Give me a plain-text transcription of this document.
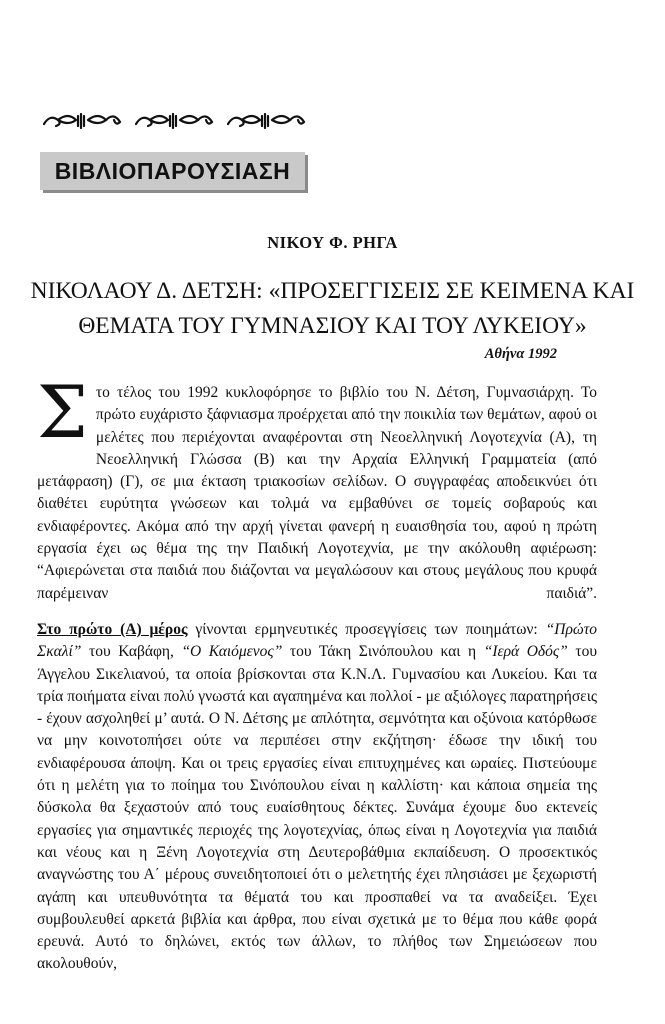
ΒΙΒΛΙΟΠΑΡΟΥΣΙΑΣΗ
ΝΙΚΟΥ Φ. ΡΗΓΑ
ΝΙΚΟΛΑΟΥ Δ. ΔΕΤΣΗ: «ΠΡΟΣΕΓΓΙΣΕΙΣ ΣΕ ΚΕΙΜΕΝΑ ΚΑΙ
ΘΕΜΑΤΑ ΤΟΥ ΓΥΜΝΑΣΙΟΥ ΚΑΙ ΤΟΥ ΛΥΚΕΙΟΥ»
Αθήνα 1992

Σ το τέλος του 1992 κυκλοφόρησε το βιβλίο του Ν. Δέτση, Γυμνασιάρχη. Το πρώτο ευχάριστο ξάφνιασμα προέρχεται από την ποικιλία των θεμάτων, αφού οι μελέτες που περιέχονται αναφέρονται στη Νεοελληνική Λογοτεχνία (Α), τη Νεοελληνική Γλώσσα (Β) και την Αρχαία Ελληνική Γραμματεία (από μετάφραση) (Γ), σε μια έκταση τριακοσίων σελίδων. Ο συγγραφέας αποδεικνύει ότι διαθέτει ευρύτητα γνώσεων και τολμά να εμβαθύνει σε τομείς σοβαρούς και ενδιαφέροντες. Ακόμα από την αρχή γίνεται φανερή η ευαισθησία του, αφού η πρώτη εργασία έχει ως θέμα της την Παιδική Λογοτεχνία, με την ακόλουθη αφιέρωση: “Αφιερώνεται στα παιδιά που διάζονται να μεγαλώσουν και στους μεγάλους που κρυφά παρέμειναν παιδιά”.

Στο πρώτο (Α) μέρος γίνονται ερμηνευτικές προσεγγίσεις των ποιημάτων: “Πρώτο Σκαλί” του Καβάφη, “Ο Καιόμενος” του Τάκη Σινόπουλου και η “Ιερά Οδός” του Άγγελου Σικελιανού, τα οποία βρίσκονται στα Κ.Ν.Λ. Γυμνασίου και Λυκείου. Και τα τρία ποιήματα είναι πολύ γνωστά και αγαπημένα και πολλοί - με αξιόλογες παρατηρήσεις - έχουν ασχοληθεί μ’ αυτά. Ο Ν. Δέτσης με απλότητα, σεμνότητα και οξύνοια κατόρθωσε να μην κοινοτοπήσει ούτε να περιπέσει στην εκζήτηση· έδωσε την ιδική του ενδιαφέρουσα άποψη. Και οι τρεις εργασίες είναι επιτυχημένες και ωραίες. Πιστεύουμε ότι η μελέτη για το ποίημα του Σινόπουλου είναι η καλλίστη· και κάποια σημεία της δύσκολα θα ξεχαστούν από τους ευαίσθητους δέκτες. Συνάμα έχουμε δυο εκτενείς εργασίες για σημαντικές περιοχές της λογοτεχνίας, όπως είναι η Λογοτεχνία για παιδιά και νέους και η Ξένη Λογοτεχνία στη Δευτεροβάθμια εκπαίδευση. Ο προσεκτικός αναγνώστης του Α΄ μέρους συνειδητοποιεί ότι ο μελετητής έχει πλησιάσει με ξεχωριστή αγάπη και υπευθυνότητα τα θέματά του και προσπαθεί να τα αναδείξει. Έχει συμβουλευθεί αρκετά βιβλία και άρθρα, που είναι σχετικά με το θέμα που κάθε φορά ερευνά. Αυτό το δηλώνει, εκτός των άλλων, το πλήθος των Σημειώσεων που ακολουθούν,
